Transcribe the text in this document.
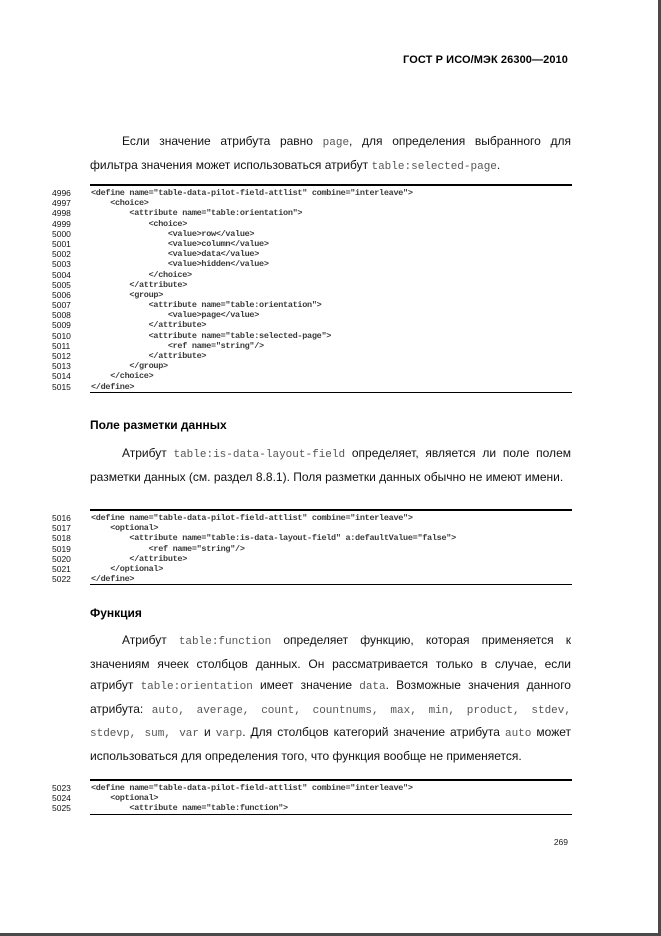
ГОСТ Р ИСО/МЭК 26300—2010

Если значение атрибута равно page, для определения выбранного для фильтра значения может использоваться атрибут table:selected-page.

4996	<define name="table-data-pilot-field-attlist" combine="interleave">
4997	<choice>
4998	<attribute name="table:orientation">
4999	<choice>
5000	<value>row</value>
5001	<value>column</value>
5002	<value>data</value>
5003	<value>hidden</value>
5004	</choice>
5005	</attribute>
5006	<group>
5007	<attribute name="table:orientation">
5008	<value>page</value>
5009	</attribute>
5010	<attribute name="table:selected-page">
5011	<ref name="string"/>
5012	</attribute>
5013	</group>
5014	</choice>
5015	</define>
Поле разметки данных

Атрибут table:is-data-layout-field определяет, является ли поле полем разметки данных (см. раздел 8.8.1). Поля разметки данных обычно не имеют имени.

5016	<define name="table-data-pilot-field-attlist" combine="interleave">
5017	<optional>
5018	<attribute name="table:is-data-layout-field" a:defaultValue="false">
5019	<ref name="string"/>
5020	</attribute>
5021	</optional>
5022	</define>
Функция

Атрибут table:function определяет функцию, которая применяется к значениям ячеек столбцов данных. Он рассматривается только в случае, если атрибут table:orientation имеет значение data. Возможные значения данного атрибута: auto, average, count, countnums, max, min, product, stdev, stdevp, sum, var и varp. Для столбцов категорий значение атрибута auto может использоваться для определения того, что функция вообще не применяется.

5023	<define name="table-data-pilot-field-attlist" combine="interleave">
5024	<optional>
5025	<attribute name="table:function">
269
